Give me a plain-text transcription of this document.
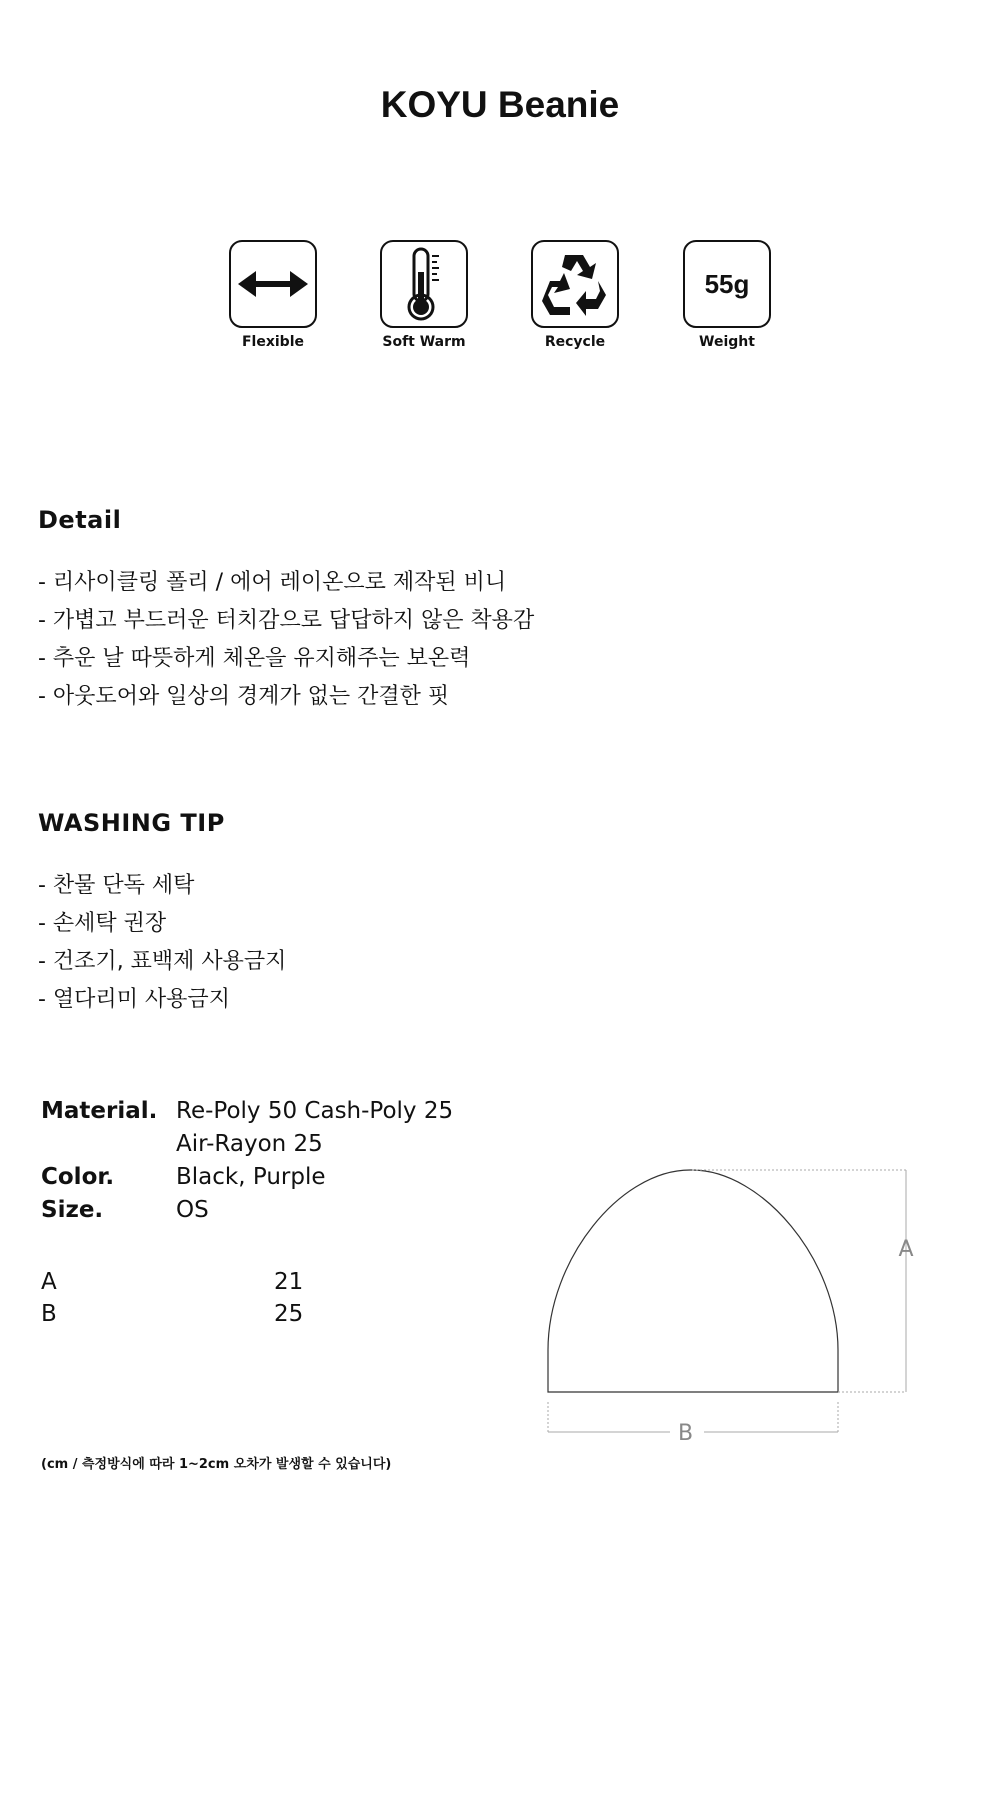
KOYU Beanie
Flexible	Soft Warm	Recycle
55g
Weight
Detail
- 리사이클링 폴리 / 에어 레이온으로 제작된 비니
- 가볍고 부드러운 터치감으로 답답하지 않은 착용감
- 추운 날 따뜻하게 체온을 유지해주는 보온력
- 아웃도어와 일상의 경계가 없는 간결한 핏
WASHING TIP
- 찬물 단독 세탁
- 손세탁 권장
- 건조기, 표백제 사용금지
- 열다리미 사용금지
Material. Re-Poly 50 Cash-Poly 25
Air-Rayon 25
Color.	Black, Purple
Size.	OS
A	21
B	25
A
B
(cm / 측정방식에 따라 1~2cm 오차가 발생할 수 있습니다)
